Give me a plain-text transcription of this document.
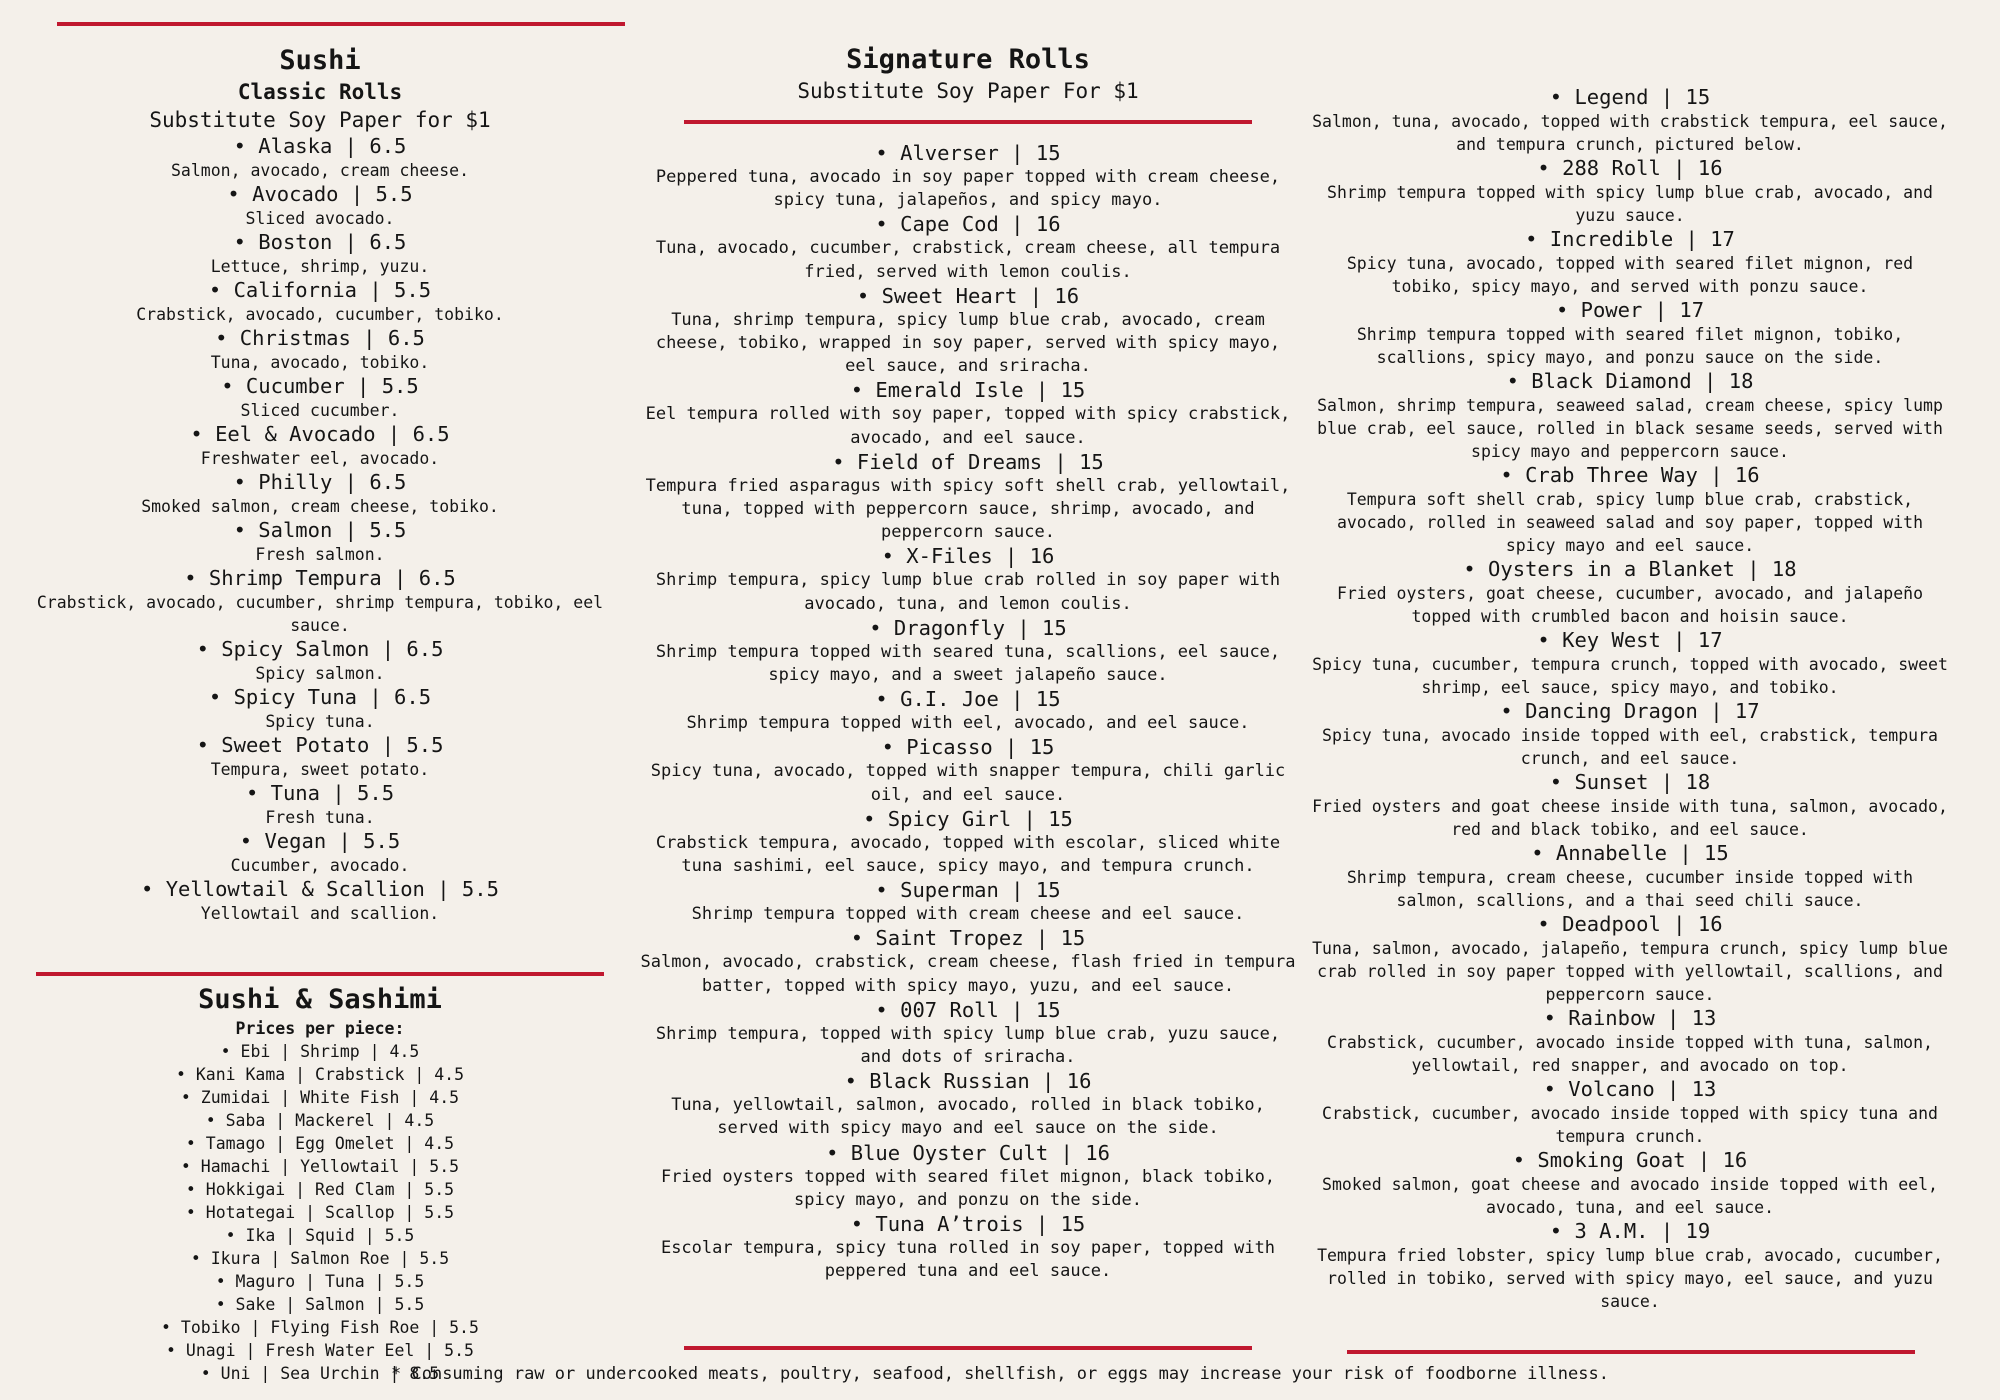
Sushi
Classic Rolls
Substitute Soy Paper for $1
• Alaska | 6.5
Salmon, avocado, cream cheese.
• Avocado | 5.5
Sliced avocado.
• Boston | 6.5
Lettuce, shrimp, yuzu.
• California | 5.5
Crabstick, avocado, cucumber, tobiko.
• Christmas | 6.5
Tuna, avocado, tobiko.
• Cucumber | 5.5
Sliced cucumber.
• Eel & Avocado | 6.5
Freshwater eel, avocado.
• Philly | 6.5
Smoked salmon, cream cheese, tobiko.
• Salmon | 5.5
Fresh salmon.
• Shrimp Tempura | 6.5
Crabstick, avocado, cucumber, shrimp tempura, tobiko, eel sauce.
• Spicy Salmon | 6.5
Spicy salmon.
• Spicy Tuna | 6.5
Spicy tuna.
• Sweet Potato | 5.5
Tempura, sweet potato.
• Tuna | 5.5
Fresh tuna.
• Vegan | 5.5
Cucumber, avocado.
• Yellowtail & Scallion | 5.5
Yellowtail and scallion.
Sushi & Sashimi
Prices per piece:
• Ebi | Shrimp | 4.5
• Kani Kama | Crabstick | 4.5
• Zumidai | White Fish | 4.5
• Saba | Mackerel | 4.5
• Tamago | Egg Omelet | 4.5
• Hamachi | Yellowtail | 5.5
• Hokkigai | Red Clam | 5.5
• Hotategai | Scallop | 5.5
• Ika | Squid | 5.5
• Ikura | Salmon Roe | 5.5
• Maguro | Tuna | 5.5
• Sake | Salmon | 5.5
• Tobiko | Flying Fish Roe | 5.5
• Unagi | Fresh Water Eel | 5.5
• Uni | Sea Urchin | 8.5
Signature Rolls
Substitute Soy Paper For $1
• Alverser | 15
Peppered tuna, avocado in soy paper topped with cream cheese, spicy tuna, jalapeños, and spicy mayo.
• Cape Cod | 16
Tuna, avocado, cucumber, crabstick, cream cheese, all tempura fried, served with lemon coulis.
• Sweet Heart | 16
Tuna, shrimp tempura, spicy lump blue crab, avocado, cream cheese, tobiko, wrapped in soy paper, served with spicy mayo, eel sauce, and sriracha.
• Emerald Isle | 15
Eel tempura rolled with soy paper, topped with spicy crabstick, avocado, and eel sauce.
• Field of Dreams | 15
Tempura fried asparagus with spicy soft shell crab, yellowtail, tuna, topped with peppercorn sauce, shrimp, avocado, and peppercorn sauce.
• X-Files | 16
Shrimp tempura, spicy lump blue crab rolled in soy paper with avocado, tuna, and lemon coulis.
• Dragonfly | 15
Shrimp tempura topped with seared tuna, scallions, eel sauce, spicy mayo, and a sweet jalapeño sauce.
• G.I. Joe | 15
Shrimp tempura topped with eel, avocado, and eel sauce.
• Picasso | 15
Spicy tuna, avocado, topped with snapper tempura, chili garlic oil, and eel sauce.
• Spicy Girl | 15
Crabstick tempura, avocado, topped with escolar, sliced white tuna sashimi, eel sauce, spicy mayo, and tempura crunch.
• Superman | 15
Shrimp tempura topped with cream cheese and eel sauce.
• Saint Tropez | 15
Salmon, avocado, crabstick, cream cheese, flash fried in tempura batter, topped with spicy mayo, yuzu, and eel sauce.
• 007 Roll | 15
Shrimp tempura, topped with spicy lump blue crab, yuzu sauce, and dots of sriracha.
• Black Russian | 16
Tuna, yellowtail, salmon, avocado, rolled in black tobiko, served with spicy mayo and eel sauce on the side.
• Blue Oyster Cult | 16
Fried oysters topped with seared filet mignon, black tobiko, spicy mayo, and ponzu on the side.
• Tuna A’trois | 15
Escolar tempura, spicy tuna rolled in soy paper, topped with peppered tuna and eel sauce.
• Legend | 15
Salmon, tuna, avocado, topped with crabstick tempura, eel sauce, and tempura crunch, pictured below.
• 288 Roll | 16
Shrimp tempura topped with spicy lump blue crab, avocado, and yuzu sauce.
• Incredible | 17
Spicy tuna, avocado, topped with seared filet mignon, red tobiko, spicy mayo, and served with ponzu sauce.
• Power | 17
Shrimp tempura topped with seared filet mignon, tobiko, scallions, spicy mayo, and ponzu sauce on the side.
• Black Diamond | 18
Salmon, shrimp tempura, seaweed salad, cream cheese, spicy lump blue crab, eel sauce, rolled in black sesame seeds, served with spicy mayo and peppercorn sauce.
• Crab Three Way | 16
Tempura soft shell crab, spicy lump blue crab, crabstick, avocado, rolled in seaweed salad and soy paper, topped with spicy mayo and eel sauce.
• Oysters in a Blanket | 18
Fried oysters, goat cheese, cucumber, avocado, and jalapeño topped with crumbled bacon and hoisin sauce.
• Key West | 17
Spicy tuna, cucumber, tempura crunch, topped with avocado, sweet shrimp, eel sauce, spicy mayo, and tobiko.
• Dancing Dragon | 17
Spicy tuna, avocado inside topped with eel, crabstick, tempura crunch, and eel sauce.
• Sunset | 18
Fried oysters and goat cheese inside with tuna, salmon, avocado, red and black tobiko, and eel sauce.
• Annabelle | 15
Shrimp tempura, cream cheese, cucumber inside topped with salmon, scallions, and a thai seed chili sauce.
• Deadpool | 16
Tuna, salmon, avocado, jalapeño, tempura crunch, spicy lump blue crab rolled in soy paper topped with yellowtail, scallions, and peppercorn sauce.
• Rainbow | 13
Crabstick, cucumber, avocado inside topped with tuna, salmon, yellowtail, red snapper, and avocado on top.
• Volcano | 13
Crabstick, cucumber, avocado inside topped with spicy tuna and tempura crunch.
• Smoking Goat | 16
Smoked salmon, goat cheese and avocado inside topped with eel, avocado, tuna, and eel sauce.
• 3 A.M. | 19
Tempura fried lobster, spicy lump blue crab, avocado, cucumber, rolled in tobiko, served with spicy mayo, eel sauce, and yuzu sauce.
* Consuming raw or undercooked meats, poultry, seafood, shellfish, or eggs may increase your risk of foodborne illness.
